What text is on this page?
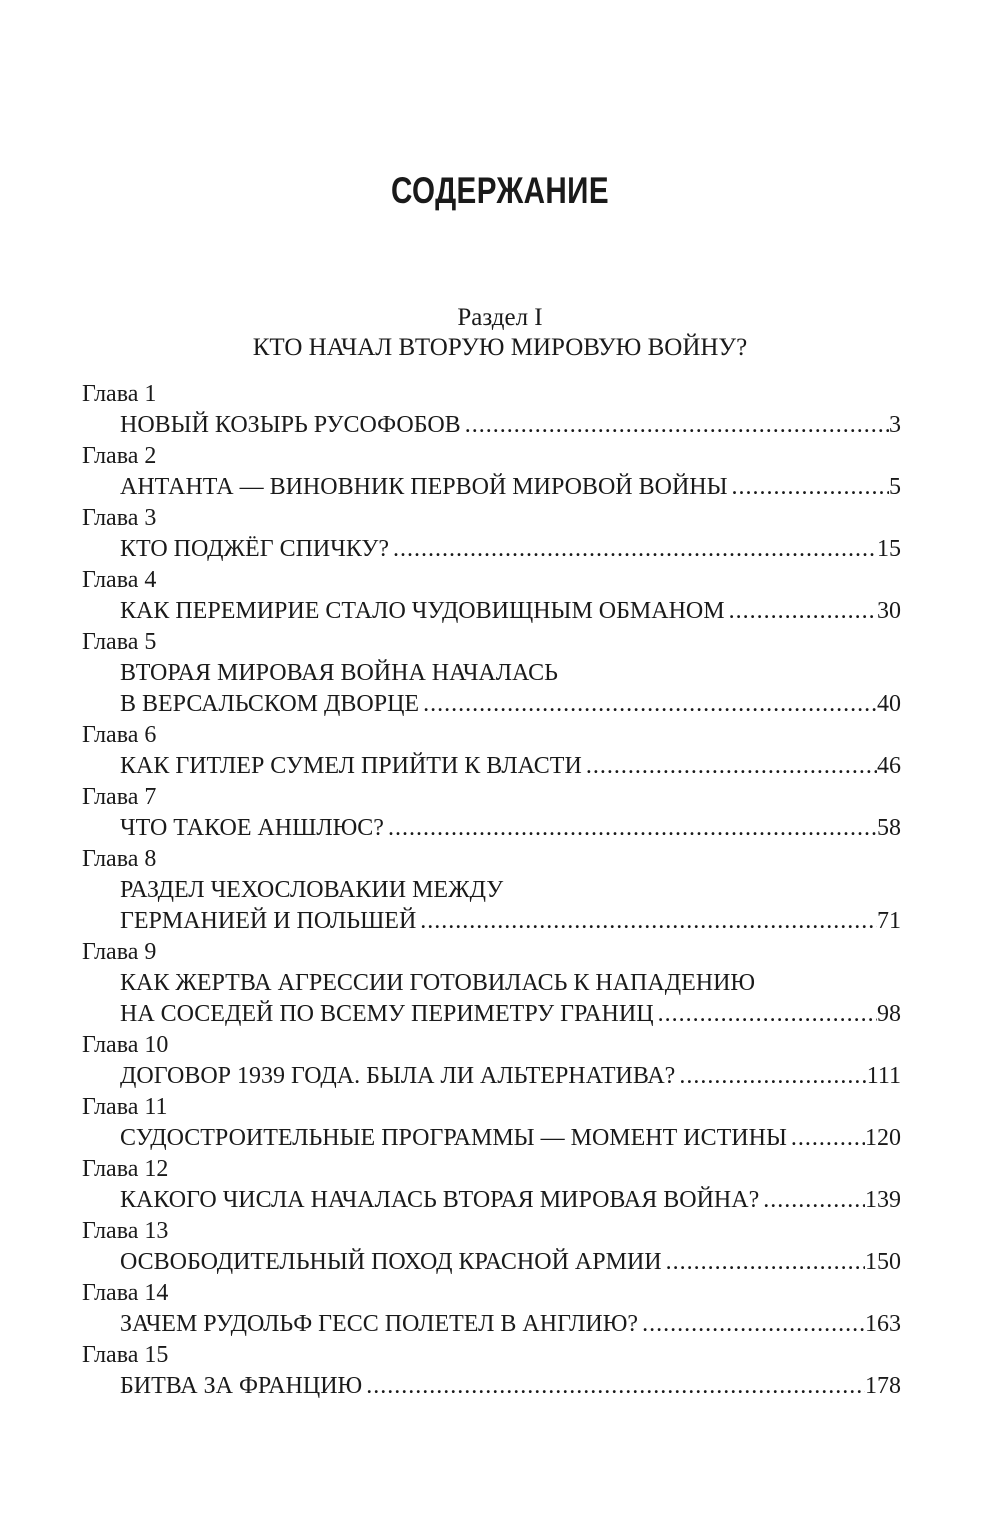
СОДЕРЖАНИЕ
Раздел I
КТО НАЧАЛ ВТОРУЮ МИРОВУЮ ВОЙНУ?
Глава 1
НОВЫЙ КОЗЫРЬ РУСОФОБОВ .....	3
Глава 2
АНТАНТА — ВИНОВНИК ПЕРВОЙ МИРОВОЙ ВОЙНЫ .....	5
Глава 3
КТО ПОДЖЁГ СПИЧКУ? .....	15
Глава 4
КАК ПЕРЕМИРИЕ СТАЛО ЧУДОВИЩНЫМ ОБМАНОМ .....	30
Глава 5
ВТОРАЯ МИРОВАЯ ВОЙНА НАЧАЛАСЬ
В ВЕРСАЛЬСКОМ ДВОРЦЕ .....	40
Глава 6
КАК ГИТЛЕР СУМЕЛ ПРИЙТИ К ВЛАСТИ .....	46
Глава 7
ЧТО ТАКОЕ АНШЛЮС? .....	58
Глава 8
РАЗДЕЛ ЧЕХОСЛОВАКИИ МЕЖДУ
ГЕРМАНИЕЙ И ПОЛЬШЕЙ .....	71
Глава 9
КАК ЖЕРТВА АГРЕССИИ ГОТОВИЛАСЬ К НАПАДЕНИЮ
НА СОСЕДЕЙ ПО ВСЕМУ ПЕРИМЕТРУ ГРАНИЦ .....	98
Глава 10
ДОГОВОР 1939 ГОДА. БЫЛА ЛИ АЛЬТЕРНАТИВА? .....	111
Глава 11
СУДОСТРОИТЕЛЬНЫЕ ПРОГРАММЫ — МОМЕНТ ИСТИНЫ .....	120
Глава 12
КАКОГО ЧИСЛА НАЧАЛАСЬ ВТОРАЯ МИРОВАЯ ВОЙНА? .....	139
Глава 13
ОСВОБОДИТЕЛЬНЫЙ ПОХОД КРАСНОЙ АРМИИ .....	150
Глава 14
ЗАЧЕМ РУДОЛЬФ ГЕСС ПОЛЕТЕЛ В АНГЛИЮ? .....	163
Глава 15
БИТВА ЗА ФРАНЦИЮ .....	178
